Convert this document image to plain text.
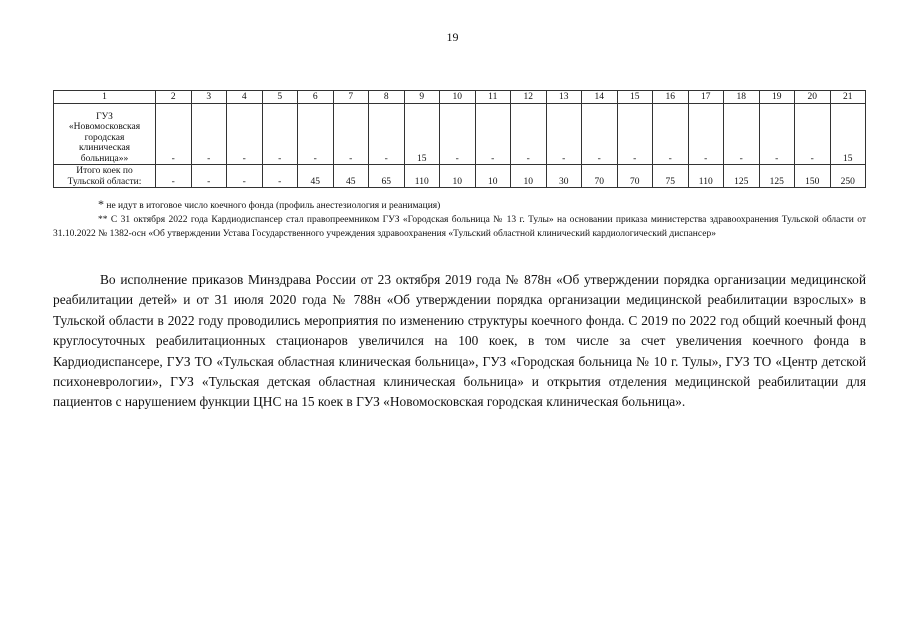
19
1	2	3	4	5	6	7	8	9	10	11	12	13	14	15	16	17	18	19	20	21

ГУЗ
«Новомосковская
городская
клиническая
больница»»	-	-	-	-	-	-	-	15	-	-	-	-	-	-	-	-	-	-	-	15

Итого коек по
Тульской области:	-	-	-	-	45	45	65	110	10	10	10	30	70	70	75	110	125	125	150	250
* не идут в итоговое число коечного фонда (профиль анестезиология и реанимация)
** С 31 октября 2022 года Кардиодиспансер стал правопреемником ГУЗ «Городская больница № 13 г. Тулы» на основании приказа министерства здравоохранения Тульской области от 31.10.2022 № 1382-осн «Об утверждении Устава Государственного учреждения здравоохранения «Тульский областной клинический кардиологический диспансер»

Во исполнение приказов Минздрава России от 23 октября 2019 года № 878н «Об утверждении порядка организации медицинской реабилитации детей» и от 31 июля 2020 года № 788н «Об утверждении порядка организации медицинской реабилитации взрослых» в Тульской области в 2022 году проводились мероприятия по изменению структуры коечного фонда. С 2019 по 2022 год общий коечный фонд круглосуточных реабилитационных стационаров увеличился на 100 коек, в том числе за счет увеличения коечного фонда в Кардиодиспансере, ГУЗ ТО «Тульская областная клиническая больница», ГУЗ «Городская больница № 10 г. Тулы», ГУЗ ТО «Центр детской психоневрологии», ГУЗ «Тульская детская областная клиническая больница» и открытия отделения медицинской реабилитации для пациентов с нарушением функции ЦНС на 15 коек в ГУЗ «Новомосковская городская клиническая больница».
